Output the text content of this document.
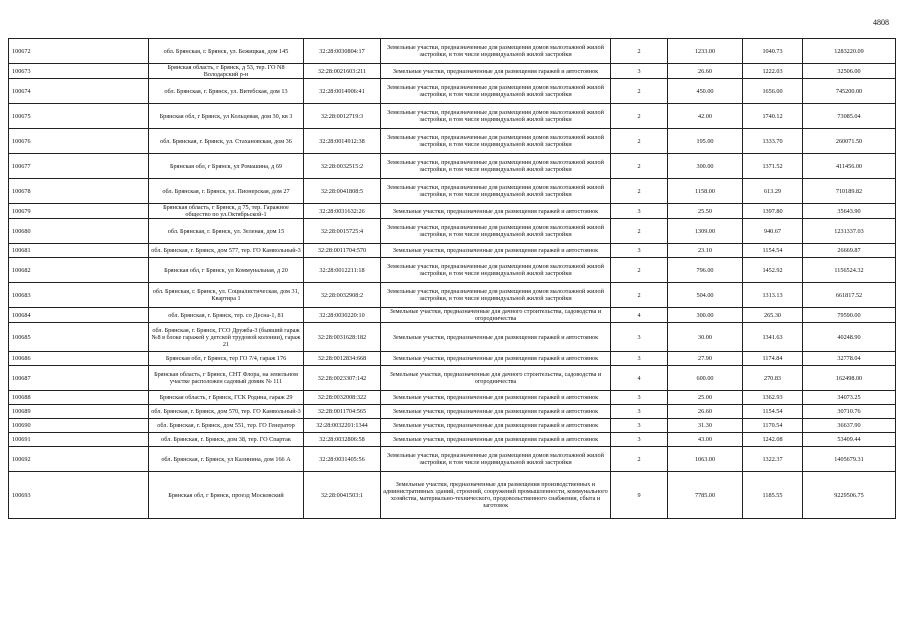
4808
100672	обл. Брянская, г. Брянск, ул. Бежицкая, дом 145	32:28:0030804:17	Земельные участки, предназначенные для размещения домов малоэтажной жилой застройки, в том числе индивидуальной жилой застройки	2	1233.00	1040.73	1283220.09
100673	Брянская область, г Брянск, д 53, тер. ГО N8 Володарский р-н	32:28:0021603:211	Земельные участки, предназначенные для размещения гаражей и автостоянок	3	26.60	1222.03	32506.00
100674	обл. Брянская, г. Брянск, ул. Витебская, дом 13	32:28:0014906:41	Земельные участки, предназначенные для размещения домов малоэтажной жилой застройки, в том числе индивидуальной жилой застройки	2	450.00	1656.00	745200.00
100675	Брянская обл, г Брянск, ул Кольцевая, дом 30, кв 3	32:28:0012719:3	Земельные участки, предназначенные для размещения домов малоэтажной жилой застройки, в том числе индивидуальной жилой застройки	2	42.00	1740.12	73085.04
100676	обл. Брянская, г. Брянск, ул. Стахановская, дом 36	32:28:0014912:38	Земельные участки, предназначенные для размещения домов малоэтажной жилой застройки, в том числе индивидуальной жилой застройки	2	195.00	1333.70	260071.50
100677	Брянская обл, г Брянск, ул Ромашина, д 69	32:28:0032515:2	Земельные участки, предназначенные для размещения домов малоэтажной жилой застройки, в том числе индивидуальной жилой застройки	2	300.00	1371.52	411456.00
100678	обл. Брянская, г. Брянск, ул. Пионерская, дом 27	32:28:0041808:5	Земельные участки, предназначенные для размещения домов малоэтажной жилой застройки, в том числе индивидуальной жилой застройки	2	1158.00	613.29	710189.82
100679	Брянская область, г Брянск, д 75, тер. Гаражное общество по ул.Октябрьской-1	32:28:0031632:26	Земельные участки, предназначенные для размещения гаражей и автостоянок	3	25.50	1397.80	35643.90
100680	обл. Брянская, г. Брянск, ул. Зеленая, дом 15	32:28:0015725:4	Земельные участки, предназначенные для размещения домов малоэтажной жилой застройки, в том числе индивидуальной жилой застройки	2	1309.00	940.67	1231337.03
100681	обл. Брянская, г. Брянск, дом 577, тер. ГО Камвольный-3	32:28:0011704:570	Земельные участки, предназначенные для размещения гаражей и автостоянок	3	23.10	1154.54	26669.87
100682	Брянская обл, г Брянск, ул Коммунальная, д 20	32:28:0012211:18	Земельные участки, предназначенные для размещения домов малоэтажной жилой застройки, в том числе индивидуальной жилой застройки	2	796.00	1452.92	1156524.32
100683	обл. Брянская, г. Брянск, ул. Социалистическая, дом 31, Квартира 1	32:28:0032908:2	Земельные участки, предназначенные для размещения домов малоэтажной жилой застройки, в том числе индивидуальной жилой застройки	2	504.00	1313.13	661817.52
100684	обл. Брянская, г. Брянск, тер. со Десна-1, 81	32:28:0030220:10	Земельные участки, предназначенные для дачного строительства, садоводства и огородничества	4	300.00	265.30	79590.00
100685	обл. Брянская, г. Брянск, ГСО Дружба-3 (бывший гараж №8 в блоке гаражей у детской трудовой колонии), гараж 21	32:28:0031628:182	Земельные участки, предназначенные для размещения гаражей и автостоянок	3	30.00	1341.63	40248.90
100686	Брянская обл, г Брянск, тер ГО 7/4, гараж 176	32:28:0012834:668	Земельные участки, предназначенные для размещения гаражей и автостоянок	3	27.90	1174.84	32778.04
100687	Брянская область, г Брянск, СНТ Флора, на земельном участке расположен садовый домик № 111	32:28:0023307:142	Земельные участки, предназначенные для дачного строительства, садоводства и огородничества	4	600.00	270.83	162498.00
100688	Брянская область, г Брянск, ГСК Родина, гараж 29	32:28:0032008:322	Земельные участки, предназначенные для размещения гаражей и автостоянок	3	25.00	1362.93	34073.25
100689	обл. Брянская, г. Брянск, дом 570, тер. ГО Камвольный-3	32:28:0011704:565	Земельные участки, предназначенные для размещения гаражей и автостоянок	3	26.60	1154.54	30710.76
100690	обл. Брянская, г. Брянск, дом 551, тер. ГО Генератор	32:28:0032201:1344	Земельные участки, предназначенные для размещения гаражей и автостоянок	3	31.30	1170.54	36637.90
100691	обл. Брянская, г. Брянск, дом 38, тер. ГО Спартак	32:28:0032806:58	Земельные участки, предназначенные для размещения гаражей и автостоянок	3	43.00	1242.08	53409.44
100692	обл. Брянская, г. Брянск, ул Калинина, дом 166 А	32:28:0031405:56	Земельные участки, предназначенные для размещения домов малоэтажной жилой застройки, в том числе индивидуальной жилой застройки	2	1063.00	1322.37	1405679.31
100693	Брянская обл, г Брянск, проезд Московский	32:28:0041503:1	Земельные участки, предназначенные для размещения производственных и административных зданий, строений, сооружений промышленности, коммунального хозяйства, материально-технического, продовольственного снабжения, сбыта и заготовок	9	7785.00	1185.55	9229506.75
